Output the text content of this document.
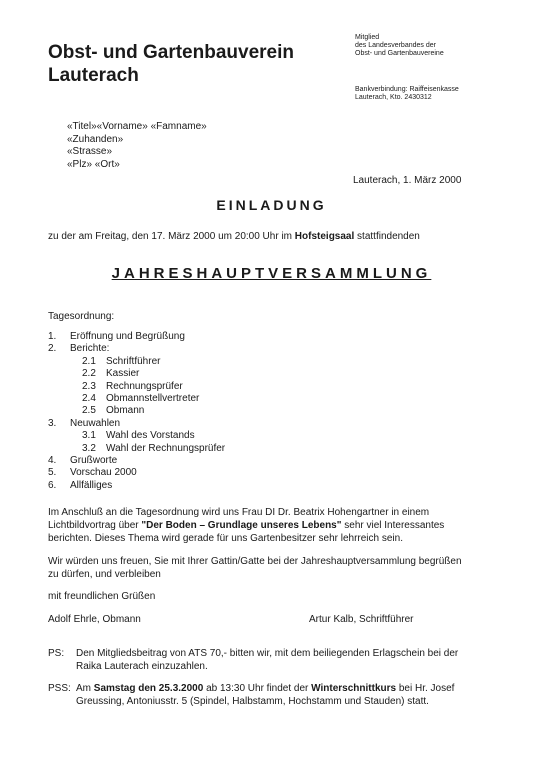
Obst- und Gartenbauverein
Lauterach
Mitglied
des Landesverbandes der
Obst- und Gartenbauvereine
Bankverbindung: Raiffeisenkasse
Lauterach, Kto. 2430312
«Titel»«Vorname» «Famname»
«Zuhanden»
«Strasse»
«Plz» «Ort»
Lauterach, 1. März 2000
EINLADUNG
zu der am Freitag, den 17. März 2000 um 20:00 Uhr im Hofsteigsaal stattfindenden
JAHRESHAUPTVERSAMMLUNG
Tagesordnung:
1. Eröffnung und Begrüßung
2. Berichte:
2.1 Schriftführer
2.2 Kassier
2.3 Rechnungsprüfer
2.4 Obmannstellvertreter
2.5 Obmann
3. Neuwahlen
3.1 Wahl des Vorstands
3.2 Wahl der Rechnungsprüfer
4. Grußworte
5. Vorschau 2000
6. Allfälliges
Im Anschluß an die Tagesordnung wird uns Frau DI Dr. Beatrix Hohengartner in einem
Lichtbildvortrag über "Der Boden – Grundlage unseres Lebens" sehr viel Interessantes
berichten. Dieses Thema wird gerade für uns Gartenbesitzer sehr lehrreich sein.
Wir würden uns freuen, Sie mit Ihrer Gattin/Gatte bei der Jahreshauptversammlung begrüßen
zu dürfen, und verbleiben
mit freundlichen Grüßen
Adolf Ehrle, Obmann	Artur Kalb, Schriftführer
PS: Den Mitgliedsbeitrag von ATS 70,- bitten wir, mit dem beiliegenden Erlagschein bei der
Raika Lauterach einzuzahlen.
PSS: Am Samstag den 25.3.2000 ab 13:30 Uhr findet der Winterschnittkurs bei Hr. Josef
Greussing, Antoniusstr. 5 (Spindel, Halbstamm, Hochstamm und Stauden) statt.
